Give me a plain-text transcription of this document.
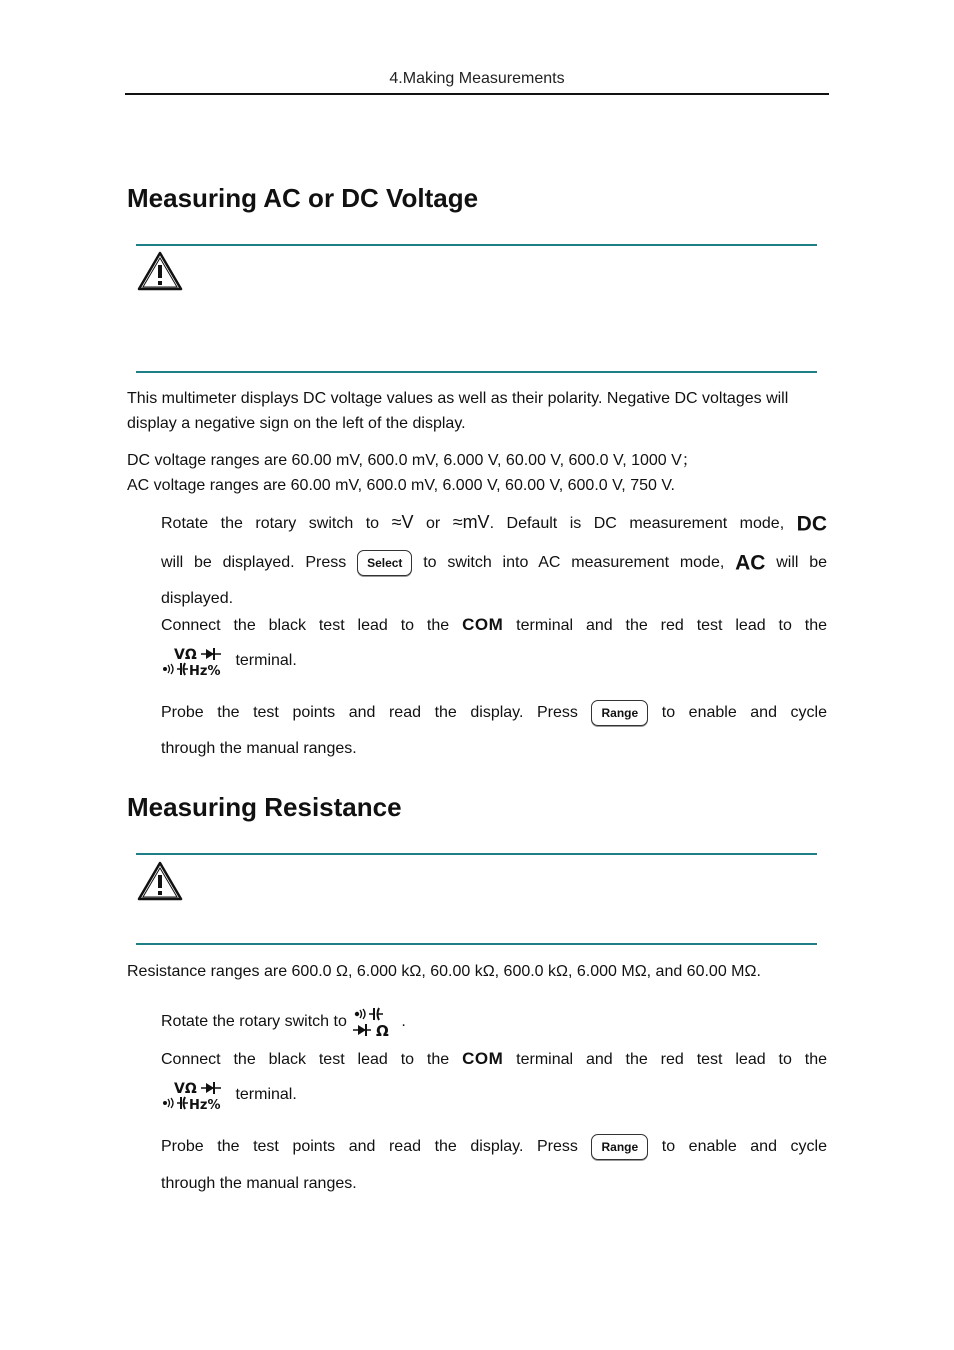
4.Making Measurements
Measuring AC or DC Voltage

This multimeter displays DC voltage values as well as their polarity. Negative DC voltages will display a negative sign on the left of the display.

DC voltage ranges are 60.00 mV, 600.0 mV, 6.000 V, 60.00 V, 600.0 V, 1000 V；

AC voltage ranges are 60.00 mV, 600.0 mV, 6.000 V, 60.00 V, 600.0 V, 750 V.

Rotate the rotary switch to ≈V or ≈mV. Default is DC measurement mode, DC
will be displayed. Press Select to switch into AC measurement mode, AC will be
displayed.
Connect the black test lead to the COM terminal and the red test lead to the
VΩ
Hz%
terminal.
Probe the test points and read the display. Press Range to enable and cycle
through the manual ranges.
Measuring Resistance

Resistance ranges are 600.0 Ω, 6.000 kΩ, 60.00 kΩ, 600.0 kΩ, 6.000 MΩ, and 60.00 MΩ.

Rotate the rotary switch to
Ω
.
Connect the black test lead to the COM terminal and the red test lead to the
VΩ
Hz%
terminal.
Probe the test points and read the display. Press Range to enable and cycle
through the manual ranges.
